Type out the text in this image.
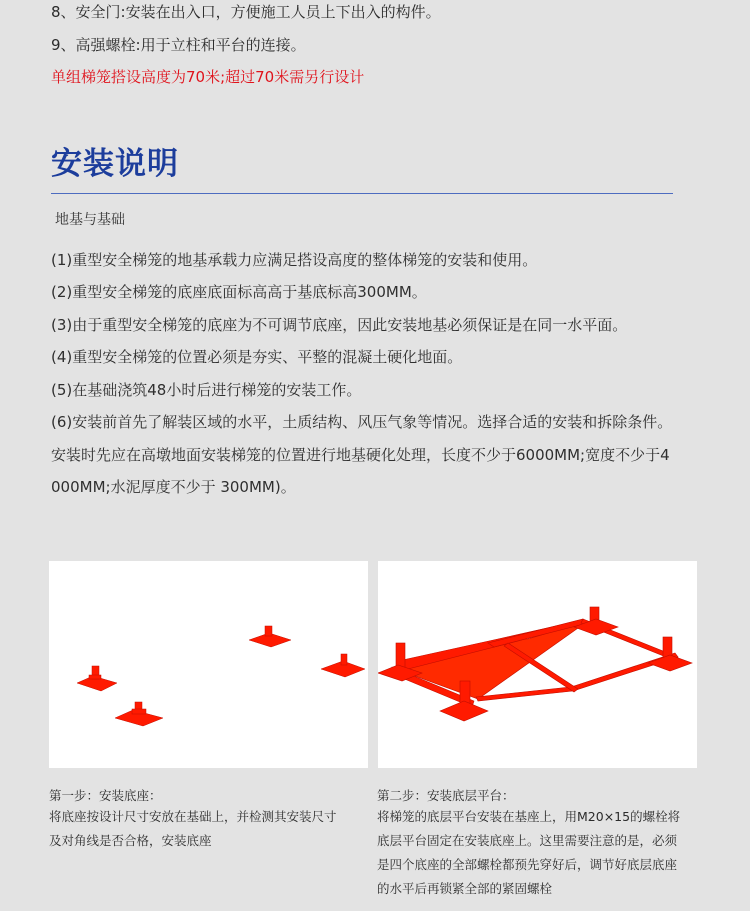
8、安全门:安装在出入口，方便施工人员上下出入的构件。
9、高强螺栓:用于立柱和平台的连接。
单组梯笼搭设高度为70米;超过70米需另行设计
安装说明
地基与基础
(1)重型安全梯笼的地基承载力应满足搭设高度的整体梯笼的安装和使用。
(2)重型安全梯笼的底座底面标高高于基底标高300MM。
(3)由于重型安全梯笼的底座为不可调节底座，因此安装地基必须保证是在同一水平面。
(4)重型安全梯笼的位置必须是夯实、平整的混凝土硬化地面。
(5)在基础浇筑48小时后进行梯笼的安装工作。
(6)安装前首先了解装区域的水平，土质结构、风压气象等情况。选择合适的安装和拆除条件。
安装时先应在高墩地面安装梯笼的位置进行地基硬化处理，长度不少于6000MM;宽度不少于4
000MM;水泥厚度不少于 300MM)。
第一步：安装底座：
将底座按设计尺寸安放在基础上，并检测其安装尺寸
及对角线是否合格，安装底座
第二步：安装底层平台：
将梯笼的底层平台安装在基座上，用M20×15的螺栓将
底层平台固定在安装底座上。这里需要注意的是，必须
是四个底座的全部螺栓都预先穿好后，调节好底层底座
的水平后再锁紧全部的紧固螺栓
